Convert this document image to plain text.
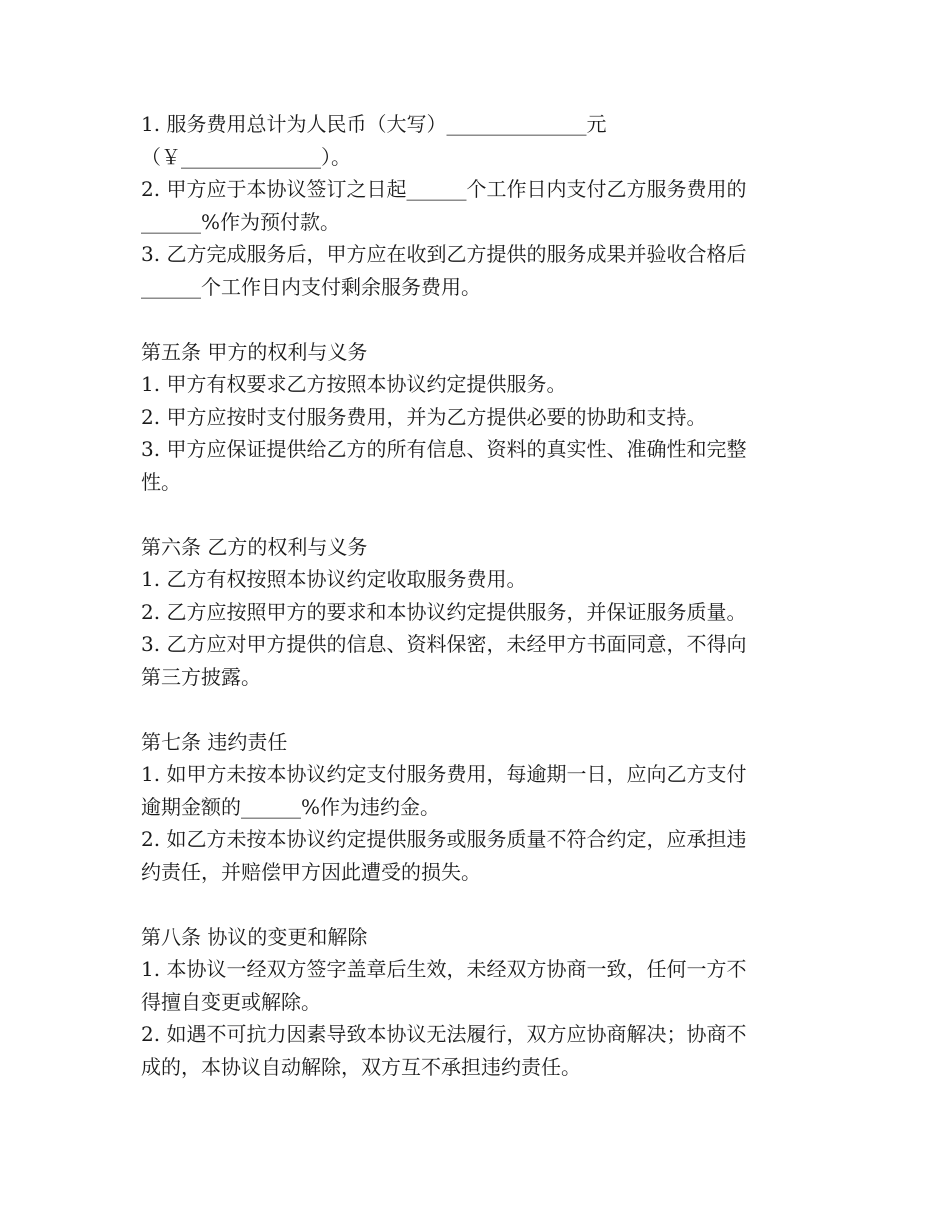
1. 服务费用总计为人民币（大写）______________元
（￥______________）。
2. 甲方应于本协议签订之日起______个工作日内支付乙方服务费用的
______%作为预付款。
3. 乙方完成服务后，甲方应在收到乙方提供的服务成果并验收合格后
______个工作日内支付剩余服务费用。
第五条 甲方的权利与义务
1. 甲方有权要求乙方按照本协议约定提供服务。
2. 甲方应按时支付服务费用，并为乙方提供必要的协助和支持。
3. 甲方应保证提供给乙方的所有信息、资料的真实性、准确性和完整
性。
第六条 乙方的权利与义务
1. 乙方有权按照本协议约定收取服务费用。
2. 乙方应按照甲方的要求和本协议约定提供服务，并保证服务质量。
3. 乙方应对甲方提供的信息、资料保密，未经甲方书面同意，不得向
第三方披露。
第七条 违约责任
1. 如甲方未按本协议约定支付服务费用，每逾期一日，应向乙方支付
逾期金额的______%作为违约金。
2. 如乙方未按本协议约定提供服务或服务质量不符合约定，应承担违
约责任，并赔偿甲方因此遭受的损失。
第八条 协议的变更和解除
1. 本协议一经双方签字盖章后生效，未经双方协商一致，任何一方不
得擅自变更或解除。
2. 如遇不可抗力因素导致本协议无法履行，双方应协商解决；协商不
成的，本协议自动解除，双方互不承担违约责任。
